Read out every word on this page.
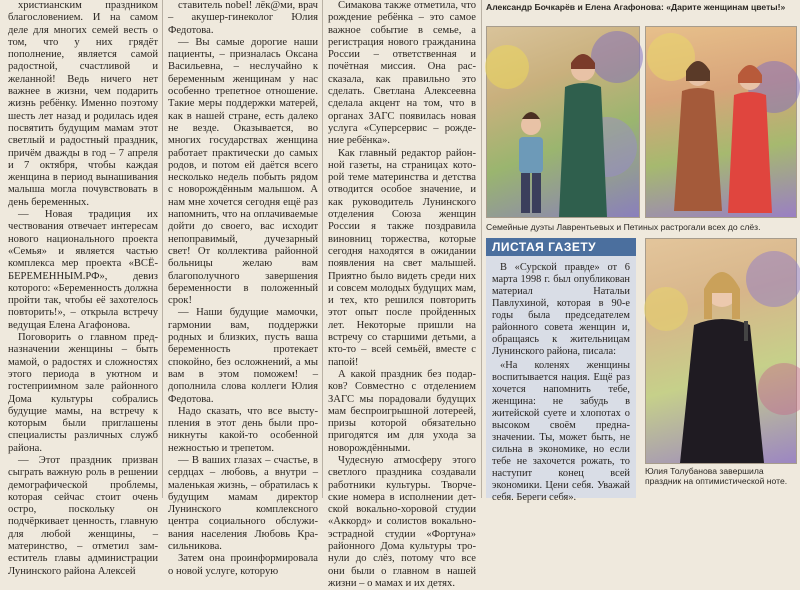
христианским праздником благословением. И на самом деле для многих семей весть о том, что у них грядёт пополнение, является самой радостной, счастливой и желанной! Ведь ничего нет важнее в жизни, чем подарить жизнь ребёнку. Именно поэтому шесть лет назад и родилась идея посвятить будущим мамам этот светлый и радостный праздник, причём дважды в год – 7 апреля и 7 октября, чтобы каждая женщина в период вынашивания малыша могла почувствовать в день беременных.

— Новая традиция их чествования отвечает интересам нового национального проекта «Семья» и является частью комплекса мер проекта «ВСЁБЕРЕМЕННЫМ.РФ», девиз которого: «Беременность должна пройти так, чтобы её захотелось повторить!», – открыла встречу ведущая Елена Агафонова.

Поговорить о главном предназначении женщины – быть мамой, о радостях и сложностях этого периода в уютном и гостеприимном зале районного Дома культуры собрались будущие мамы, на встречу к которым были приглашены специалисты различных служб района.

— Этот праздник призван сыграть важную роль в решении демографической проблемы, которая сейчас стоит очень остро, поскольку он подчёркивает ценность, главную для любой женщины, – материнство, – отметил заместитель главы администрации Лунинского района Алексей

ставитель nobel! лёк@ми, врач – акушер-гинеколог Юлия Федотова.

— Вы самые дорогие наши пациенты, – призналась Оксана Васильевна, – неслучайно к беременным женщинам у нас особенно трепетное отношение. Такие меры поддержки матерей, как в нашей стране, есть далеко не везде. Оказывается, во многих государствах женщина работает практически до самых родов, и потом ей даётся всего несколько недель побыть рядом с новорождённым малышом. А нам мне хочется сегодня ещё раз напомнить, что на оплачиваемые дойти до своего, вас исходит непоправимый, дучезарный свет! От коллектива районной больницы желаю вам благополучного завершения беременности в положенный срок!

— Наши будущие мамочки, гармонии вам, поддержки родных и близких, пусть ваша беременность протекает спокойно, без осложнений, а мы вам в этом поможем! – дополнила слова коллеги Юлия Федотова.

Надо сказать, что все выступления в этот день были проникнуты какой-то особенной нежностью и трепетом.

— В ваших глазах – счастье, в сердцах – любовь, а внутри – маленькая жизнь, – обратилась к будущим мамам директор Лунинского комплексного центра социального обслуживания населения Любовь Красильникова.

Затем она проинформировала о новой услуге, которую

Симакова также отметила, что рождение ребёнка – это самое важное событие в семье, а регистрация нового гражданина России – ответственная и почётная миссия. Она рассказала, как правильно это сделать. Светлана Алексеевна сделала акцент на том, что в органах ЗАГС появилась новая услуга «Суперсервис – рождение ребёнка».

Как главный редактор районной газеты, на страницах которой теме материнства и детства отводится особое значение, и как руководитель Лунинского отделения Союза женщин России я также поздравила виновниц торжества, которые сегодня находятся в ожидании появления на свет малышей. Приятно было видеть среди них и совсем молодых будущих мам, и тех, кто решился повторить этот опыт после пройденных лет. Некоторые пришли на встречу со старшими детьми, а кто-то – всей семьёй, вместе с папой!

А какой праздник без подарков? Совместно с отделением ЗАГС мы порадовали будущих мам беспроигрышной лотереей, призы которой обязательно пригодятся им для ухода за новорождёнными.

Чудесную атмосферу этого светлого праздника создавали работники культуры. Творческие номера в исполнении детской вокально-хоровой студии «Аккорд» и солистов вокально-эстрадной студии «Фортуна» районного Дома культуры тронули до слёз, потому что все они были о главном в нашей жизни – о мамах и их детях.

Александр Бочкарёв и Елена Агафонова: «Дарите женщинам цветы!»
Семейные дуэты Лаврентьевых и Петиных растрогали всех до слёз.
ЛИСТАЯ ГАЗЕТУ

В «Сурской правде» от 6 марта 1998 г. был опубликован материал Натальи Павлухиной, которая в 90-е годы была председателем районного совета женщин и, обращаясь к жительницам Лунинского района, писала:

«На коленях женщины воспитывается нация. Ещё раз хочется напомнить тебе, женщина: не забудь в житейской суете и хлопотах о высоком своём предназначении. Ты, может быть, не сильна в экономике, но если тебе не захочется рожать, то наступит конец всей экономики. Цени себя. Уважай себя. Береги себя».

Юлия Толубанова завершила праздник на оптимистической ноте.
